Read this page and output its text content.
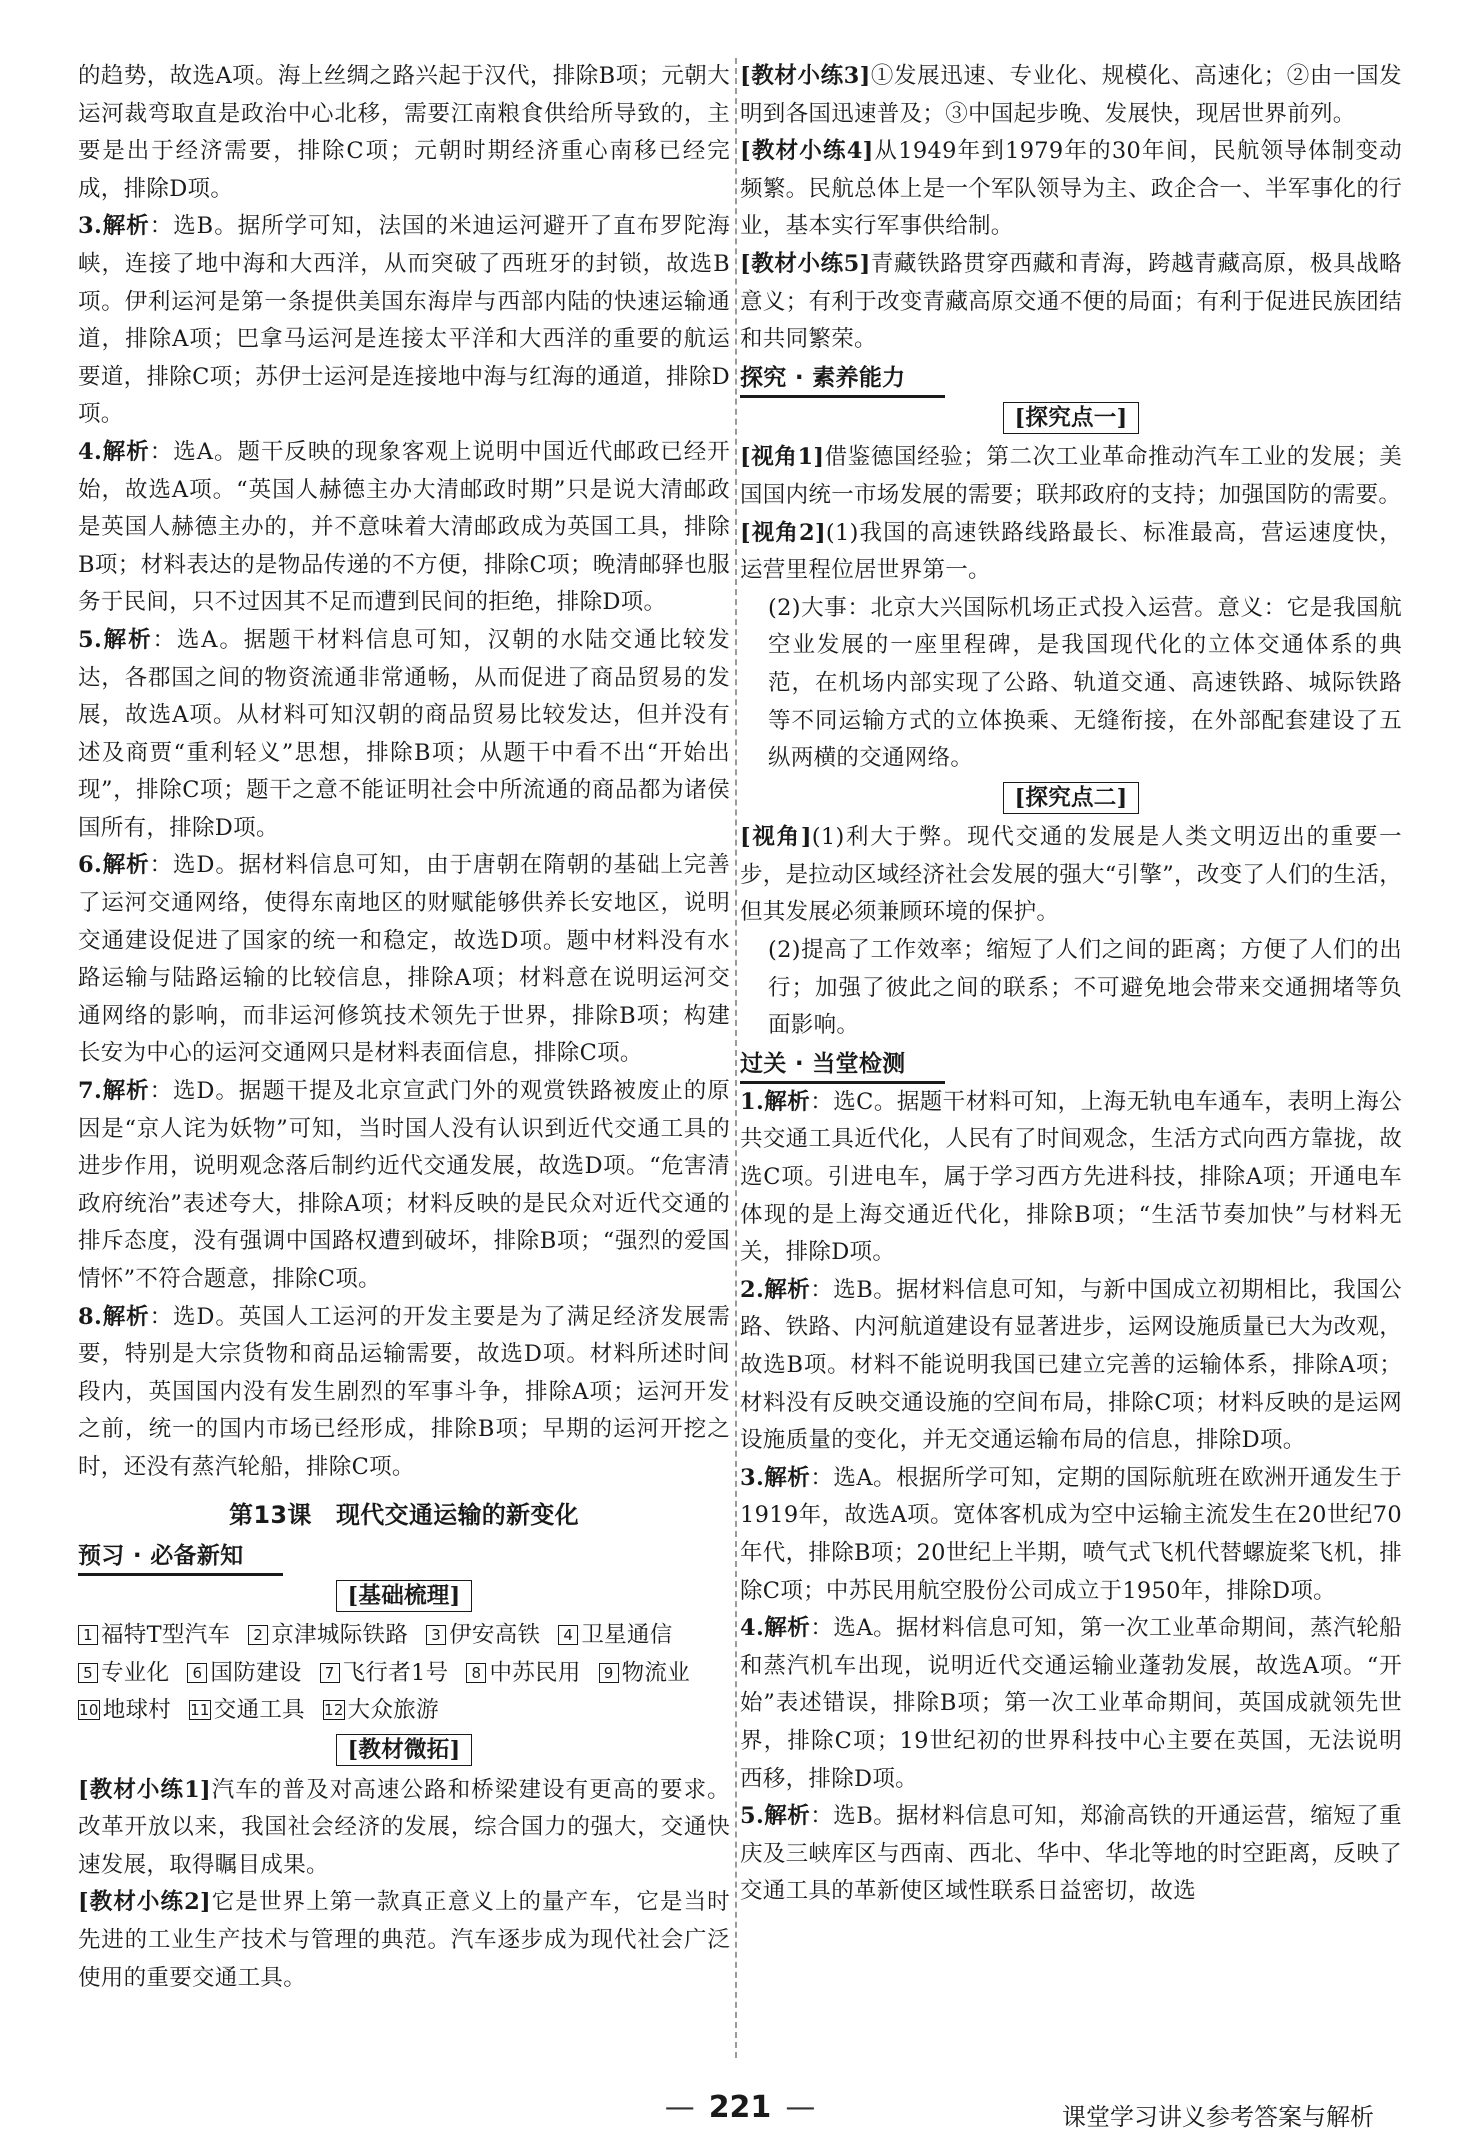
的趋势，故选A项。海上丝绸之路兴起于汉代，排除B项；元朝大运河裁弯取直是政治中心北移，需要江南粮食供给所导致的，主要是出于经济需要，排除C项；元朝时期经济重心南移已经完成，排除D项。

3.解析：选B。据所学可知，法国的米迪运河避开了直布罗陀海峡，连接了地中海和大西洋，从而突破了西班牙的封锁，故选B项。伊利运河是第一条提供美国东海岸与西部内陆的快速运输通道，排除A项；巴拿马运河是连接太平洋和大西洋的重要的航运要道，排除C项；苏伊士运河是连接地中海与红海的通道，排除D项。

4.解析：选A。题干反映的现象客观上说明中国近代邮政已经开始，故选A项。“英国人赫德主办大清邮政时期”只是说大清邮政是英国人赫德主办的，并不意味着大清邮政成为英国工具，排除B项；材料表达的是物品传递的不方便，排除C项；晚清邮驿也服务于民间，只不过因其不足而遭到民间的拒绝，排除D项。

5.解析：选A。据题干材料信息可知，汉朝的水陆交通比较发达，各郡国之间的物资流通非常通畅，从而促进了商品贸易的发展，故选A项。从材料可知汉朝的商品贸易比较发达，但并没有述及商贾“重利轻义”思想，排除B项；从题干中看不出“开始出现”，排除C项；题干之意不能证明社会中所流通的商品都为诸侯国所有，排除D项。

6.解析：选D。据材料信息可知，由于唐朝在隋朝的基础上完善了运河交通网络，使得东南地区的财赋能够供养长安地区，说明交通建设促进了国家的统一和稳定，故选D项。题中材料没有水路运输与陆路运输的比较信息，排除A项；材料意在说明运河交通网络的影响，而非运河修筑技术领先于世界，排除B项；构建长安为中心的运河交通网只是材料表面信息，排除C项。

7.解析：选D。据题干提及北京宣武门外的观赏铁路被废止的原因是“京人诧为妖物”可知，当时国人没有认识到近代交通工具的进步作用，说明观念落后制约近代交通发展，故选D项。“危害清政府统治”表述夸大，排除A项；材料反映的是民众对近代交通的排斥态度，没有强调中国路权遭到破坏，排除B项；“强烈的爱国情怀”不符合题意，排除C项。

8.解析：选D。英国人工运河的开发主要是为了满足经济发展需要，特别是大宗货物和商品运输需要，故选D项。材料所述时间段内，英国国内没有发生剧烈的军事斗争，排除A项；运河开发之前，统一的国内市场已经形成，排除B项；早期的运河开挖之时，还没有蒸汽轮船，排除C项。

第13课　现代交通运输的新变化
预习 · 必备新知
[基础梳理]
1 福特T型汽车	2 京津城际铁路	3 伊安高铁	4 卫星通信
5 专业化	6 国防建设	7 飞行者1号	8 中苏民用	9 物流业
10 地球村 11 交通工具 12 大众旅游
[教材微拓]

[教材小练1]汽车的普及对高速公路和桥梁建设有更高的要求。改革开放以来，我国社会经济的发展，综合国力的强大，交通快速发展，取得瞩目成果。

[教材小练2]它是世界上第一款真正意义上的量产车，它是当时先进的工业生产技术与管理的典范。汽车逐步成为现代社会广泛使用的重要交通工具。

[教材小练3]①发展迅速、专业化、规模化、高速化；②由一国发明到各国迅速普及；③中国起步晚、发展快，现居世界前列。

[教材小练4]从1949年到1979年的30年间，民航领导体制变动频繁。民航总体上是一个军队领导为主、政企合一、半军事化的行业，基本实行军事供给制。

[教材小练5]青藏铁路贯穿西藏和青海，跨越青藏高原，极具战略意义；有利于改变青藏高原交通不便的局面；有利于促进民族团结和共同繁荣。

探究 · 素养能力
[探究点一]

[视角1]借鉴德国经验；第二次工业革命推动汽车工业的发展；美国国内统一市场发展的需要；联邦政府的支持；加强国防的需要。

[视角2](1)我国的高速铁路线路最长、标准最高，营运速度快，运营里程位居世界第一。

(2)大事：北京大兴国际机场正式投入运营。意义：它是我国航空业发展的一座里程碑，是我国现代化的立体交通体系的典范，在机场内部实现了公路、轨道交通、高速铁路、城际铁路等不同运输方式的立体换乘、无缝衔接，在外部配套建设了五纵两横的交通网络。

[探究点二]

[视角](1)利大于弊。现代交通的发展是人类文明迈出的重要一步，是拉动区域经济社会发展的强大“引擎”，改变了人们的生活，但其发展必须兼顾环境的保护。

(2)提高了工作效率；缩短了人们之间的距离；方便了人们的出行；加强了彼此之间的联系；不可避免地会带来交通拥堵等负面影响。

过关 · 当堂检测

1.解析：选C。据题干材料可知，上海无轨电车通车，表明上海公共交通工具近代化，人民有了时间观念，生活方式向西方靠拢，故选C项。引进电车，属于学习西方先进科技，排除A项；开通电车体现的是上海交通近代化，排除B项；“生活节奏加快”与材料无关，排除D项。

2.解析：选B。据材料信息可知，与新中国成立初期相比，我国公路、铁路、内河航道建设有显著进步，运网设施质量已大为改观，故选B项。材料不能说明我国已建立完善的运输体系，排除A项；材料没有反映交通设施的空间布局，排除C项；材料反映的是运网设施质量的变化，并无交通运输布局的信息，排除D项。

3.解析：选A。根据所学可知，定期的国际航班在欧洲开通发生于1919年，故选A项。宽体客机成为空中运输主流发生在20世纪70年代，排除B项；20世纪上半期，喷气式飞机代替螺旋桨飞机，排除C项；中苏民用航空股份公司成立于1950年，排除D项。

4.解析：选A。据材料信息可知，第一次工业革命期间，蒸汽轮船和蒸汽机车出现，说明近代交通运输业蓬勃发展，故选A项。“开始”表述错误，排除B项；第一次工业革命期间，英国成就领先世界，排除C项；19世纪初的世界科技中心主要在英国，无法说明西移，排除D项。

5.解析：选B。据材料信息可知，郑渝高铁的开通运营，缩短了重庆及三峡库区与西南、西北、华中、华北等地的时空距离，反映了交通工具的革新使区域性联系日益密切，故选

— 221 —	课堂学习讲义参考答案与解析
